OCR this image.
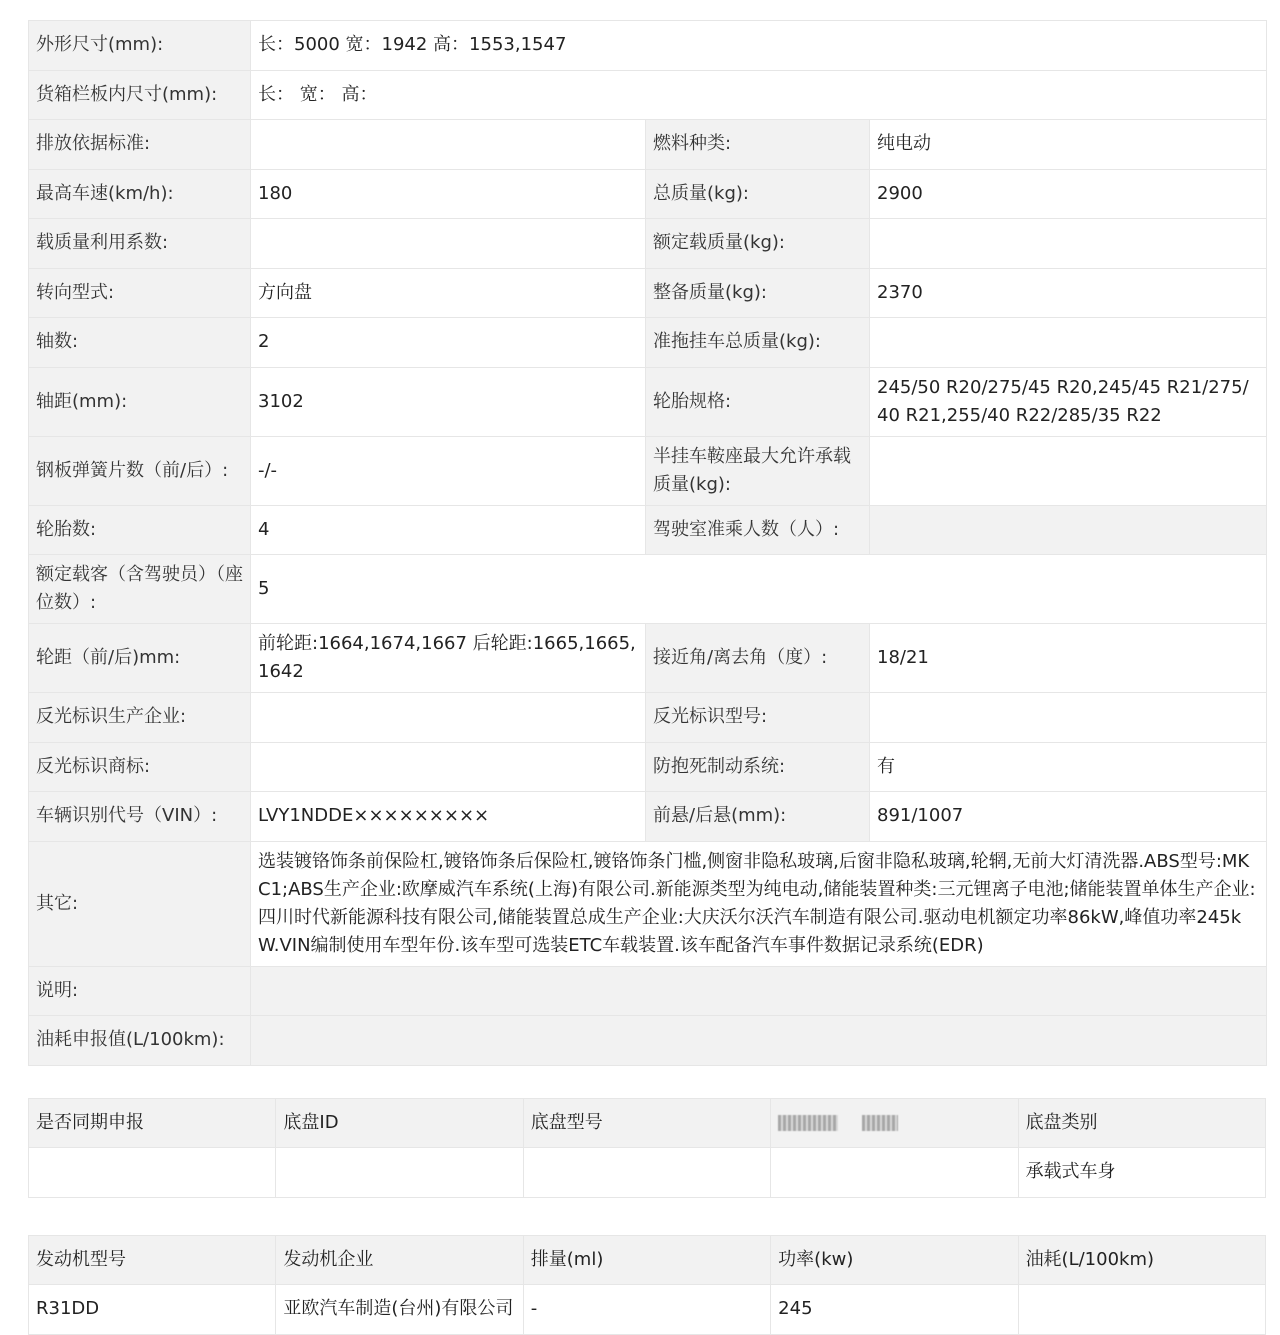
外形尺寸(mm):	长：5000 宽：1942 高：1553,1547		
货箱栏板内尺寸(mm):	长： 宽： 高：		
排放依据标准:		燃料种类:	纯电动
最高车速(km/h):	180	总质量(kg):	2900
载质量利用系数:		额定载质量(kg):	
转向型式:	方向盘	整备质量(kg):	2370
轴数:	2	准拖挂车总质量(kg):	
轴距(mm):	3102	轮胎规格:	245/50 R20/275/45 R20,245/45 R21/275/40 R21,255/40 R22/285/35 R22
钢板弹簧片数（前/后）:	-/-	半挂车鞍座最大允许承载质量(kg):	
轮胎数:	4	驾驶室准乘人数（人）:	
额定载客（含驾驶员）（座位数）:	5		
轮距（前/后)mm:	前轮距:1664,1674,1667 后轮距:1665,1665,1642	接近角/离去角（度）:	18/21
反光标识生产企业:		反光标识型号:	
反光标识商标:		防抱死制动系统:	有
车辆识别代号（VIN）:	LVY1NDDE×××××××××	前悬/后悬(mm):	891/1007
其它:	选装镀铬饰条前保险杠,镀铬饰条后保险杠,镀铬饰条门槛,侧窗非隐私玻璃,后窗非隐私玻璃,轮辋,无前大灯清洗器.ABS型号:MKC1;ABS生产企业:欧摩威汽车系统(上海)有限公司.新能源类型为纯电动,储能装置种类:三元锂离子电池;储能装置单体生产企业:四川时代新能源科技有限公司,储能装置总成生产企业:大庆沃尔沃汽车制造有限公司.驱动电机额定功率86kW,峰值功率245kW.VIN编制使用车型年份.该车型可选装ETC车载装置.该车配备汽车事件数据记录系统(EDR)		
说明:			
油耗申报值(L/100km):			
是否同期申报	底盘ID	底盘型号		底盘类别
				承载式车身
发动机型号	发动机企业	排量(ml)	功率(kw)	油耗(L/100km)
R31DD	亚欧汽车制造(台州)有限公司	-	245	
